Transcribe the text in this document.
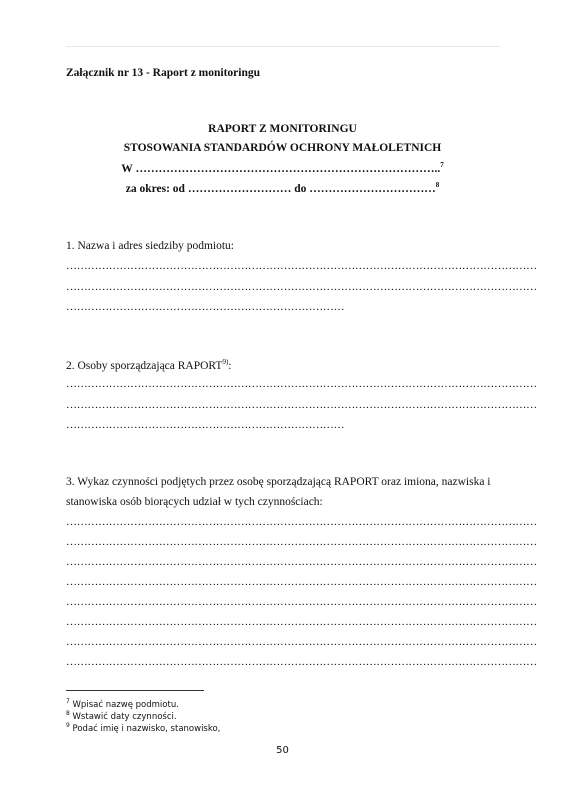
Załącznik nr 13 - Raport z monitoringu
RAPORT Z MONITORINGU
STOSOWANIA STANDARDÓW OCHRONY MAŁOLETNICH
W ……………………………………………………………………..$^7$
za okres: od ……………………… do ……………………………$^8$
1. Nazwa i adres siedziby podmiotu:
……………………………………………………………………………………………………………………
……………………………………………………………………………………………………………………
……………………………………………………………………
2. Osoby sporządzająca RAPORT$^{9)}$:
……………………………………………………………………………………………………………………
……………………………………………………………………………………………………………………
……………………………………………………………………
3. Wykaz czynności podjętych przez osobę sporządzającą RAPORT oraz imiona, nazwiska i
stanowiska osób biorących udział w tych czynnościach:
……………………………………………………………………………………………………………………
……………………………………………………………………………………………………………………
……………………………………………………………………………………………………………………
……………………………………………………………………………………………………………………
……………………………………………………………………………………………………………………
……………………………………………………………………………………………………………………
……………………………………………………………………………………………………………………
……………………………………………………………………………………………………………………
$^7$ Wpisać nazwę podmiotu.
$^8$ Wstawić daty czynności.
$^9$ Podać imię i nazwisko, stanowisko,
50
